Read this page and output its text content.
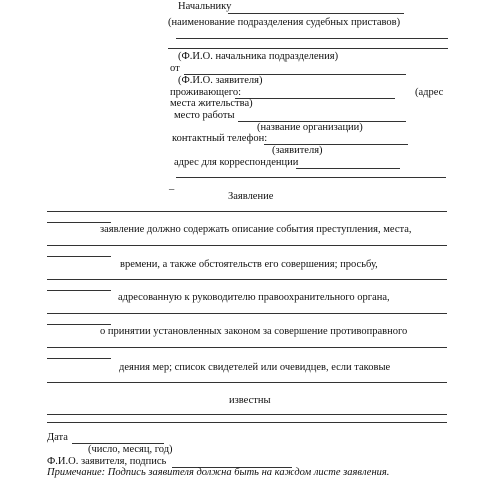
Начальнику
(наименование подразделения судебных приставов)
(Ф.И.О. начальника подразделения)
от
(Ф.И.О. заявителя)
проживающего:	(адрес
места жительства)
место работы
(название организации)
контактный телефон:
(заявителя)
адрес для корреспонденции
_
Заявление
заявление должно содержать описание события преступления, места,
времени, а также обстоятельств его совершения; просьбу,
адресованную к руководителю правоохранительного органа,
о принятии установленных законом за совершение противоправного
деяния мер; список свидетелей или очевидцев, если таковые
известны
Дата
(число, месяц, год)
Ф.И.О. заявителя, подпись
Примечание: Подпись заявителя должна быть на каждом листе заявления.
